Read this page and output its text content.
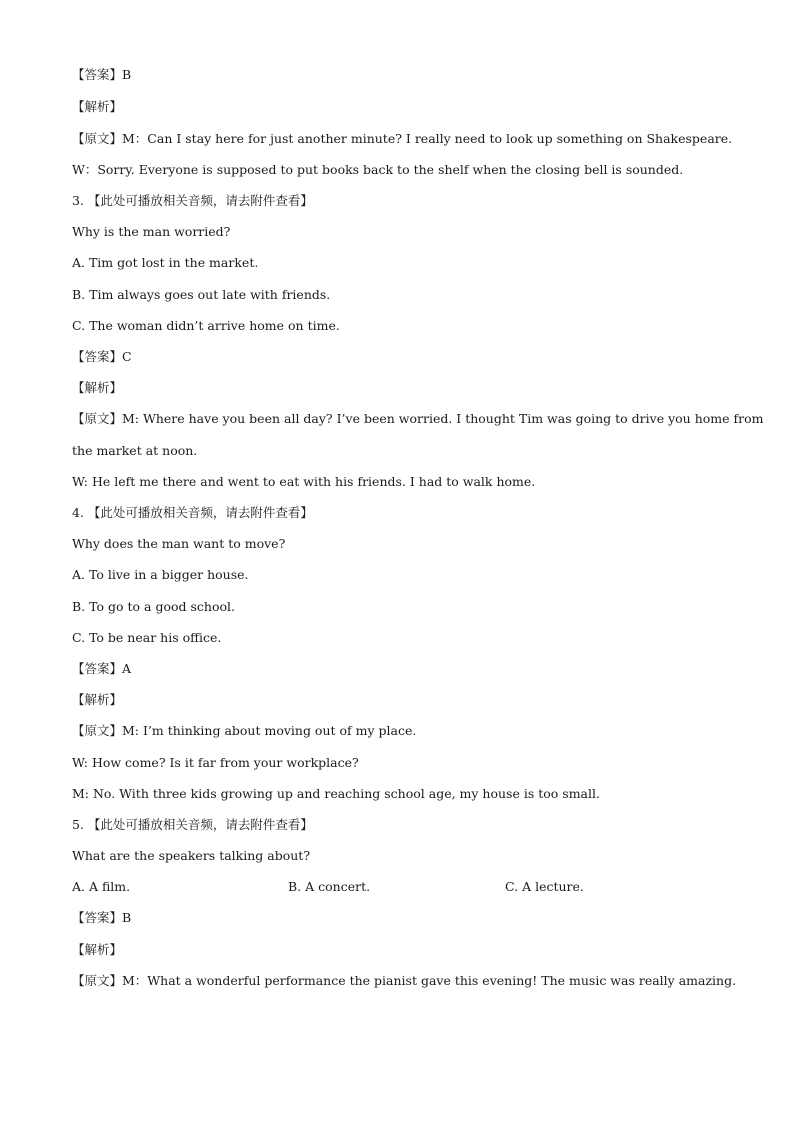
【答案】B
【解析】
【原文】M：Can I stay here for just another minute? I really need to look up something on Shakespeare.
W：Sorry. Everyone is supposed to put books back to the shelf when the closing bell is sounded.
3. 【此处可播放相关音频，请去附件查看】
Why is the man worried?
A. Tim got lost in the market.
B. Tim always goes out late with friends.
C. The woman didn’t arrive home on time.
【答案】C
【解析】
【原文】M: Where have you been all day? I’ve been worried. I thought Tim was going to drive you home from
the market at noon.
W: He left me there and went to eat with his friends. I had to walk home.
4. 【此处可播放相关音频，请去附件查看】
Why does the man want to move?
A. To live in a bigger house.
B. To go to a good school.
C. To be near his office.
【答案】A
【解析】
【原文】M: I’m thinking about moving out of my place.
W: How come? Is it far from your workplace?
M: No. With three kids growing up and reaching school age, my house is too small.
5. 【此处可播放相关音频，请去附件查看】
What are the speakers talking about?
A. A film.	B. A concert.	C. A lecture.
【答案】B
【解析】
【原文】M：What a wonderful performance the pianist gave this evening! The music was really amazing.
